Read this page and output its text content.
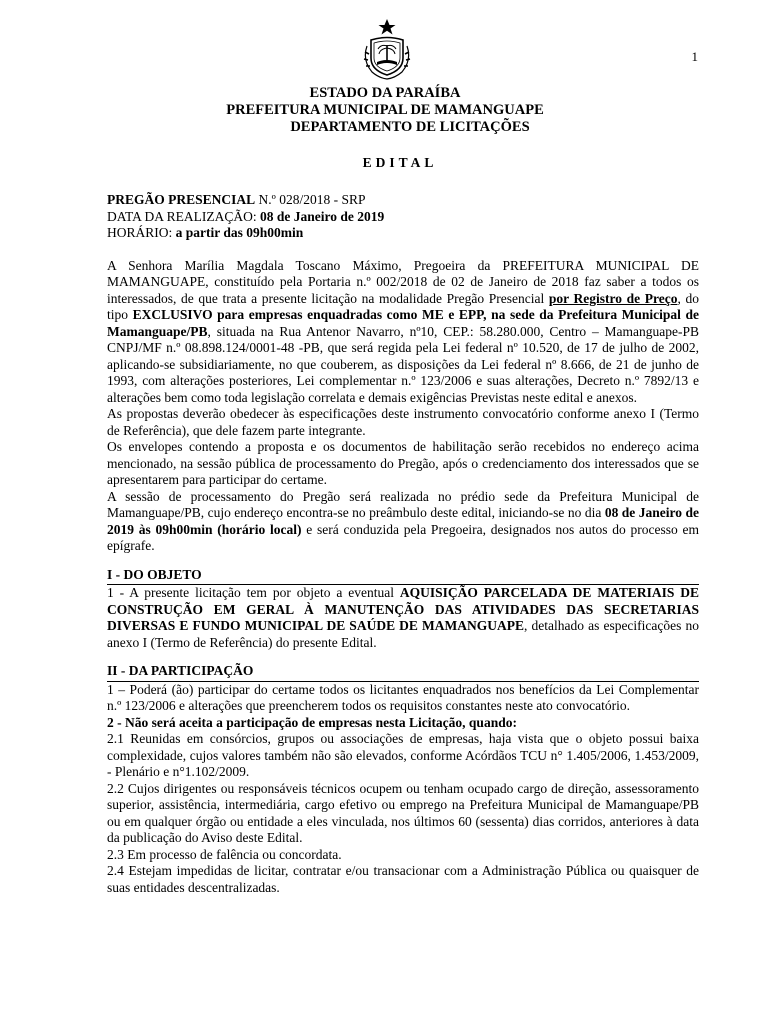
1
ESTADO DA PARAÍBA
PREFEITURA MUNICIPAL DE MAMANGUAPE
DEPARTAMENTO DE LICITAÇÕES
EDITAL

PREGÃO PRESENCIAL N.º 028/2018 - SRP

DATA DA REALIZAÇÃO: 08 de Janeiro de 2019

HORÁRIO: a partir das 09h00min

A Senhora Marília Magdala Toscano Máximo, Pregoeira da PREFEITURA MUNICIPAL DE MAMANGUAPE, constituído pela Portaria n.º 002/2018 de 02 de Janeiro de 2018 faz saber a todos os interessados, de que trata a presente licitação na modalidade Pregão Presencial por Registro de Preço, do tipo EXCLUSIVO para empresas enquadradas como ME e EPP, na sede da Prefeitura Municipal de Mamanguape/PB, situada na Rua Antenor Navarro, nº10, CEP.: 58.280.000, Centro – Mamanguape-PB CNPJ/MF n.º 08.898.124/0001-48 -PB, que será regida pela Lei federal nº 10.520, de 17 de julho de 2002, aplicando-se subsidiariamente, no que couberem, as disposições da Lei federal nº 8.666, de 21 de junho de 1993, com alterações posteriores, Lei complementar n.º 123/2006 e suas alterações, Decreto n.º 7892/13 e alterações bem como toda legislação correlata e demais exigências Previstas neste edital e anexos.

As propostas deverão obedecer às especificações deste instrumento convocatório conforme anexo I (Termo de Referência), que dele fazem parte integrante.

Os envelopes contendo a proposta e os documentos de habilitação serão recebidos no endereço acima mencionado, na sessão pública de processamento do Pregão, após o credenciamento dos interessados que se apresentarem para participar do certame.

A sessão de processamento do Pregão será realizada no prédio sede da Prefeitura Municipal de Mamanguape/PB, cujo endereço encontra-se no preâmbulo deste edital, iniciando-se no dia 08 de Janeiro de 2019 às 09h00min (horário local) e será conduzida pela Pregoeira, designados nos autos do processo em epígrafe.

I - DO OBJETO

1 - A presente licitação tem por objeto a eventual AQUISIÇÃO PARCELADA DE MATERIAIS DE CONSTRUÇÃO EM GERAL À MANUTENÇÃO DAS ATIVIDADES DAS SECRETARIAS DIVERSAS E FUNDO MUNICIPAL DE SAÚDE DE MAMANGUAPE, detalhado as especificações no anexo I (Termo de Referência) do presente Edital.

II - DA PARTICIPAÇÃO

1 – Poderá (ão) participar do certame todos os licitantes enquadrados nos benefícios da Lei Complementar n.º 123/2006 e alterações que preencherem todos os requisitos constantes neste ato convocatório.

2 - Não será aceita a participação de empresas nesta Licitação, quando:

2.1 Reunidas em consórcios, grupos ou associações de empresas, haja vista que o objeto possui baixa complexidade, cujos valores também não são elevados, conforme Acórdãos TCU n° 1.405/2006, 1.453/2009, - Plenário e n°1.102/2009.

2.2 Cujos dirigentes ou responsáveis técnicos ocupem ou tenham ocupado cargo de direção, assessoramento superior, assistência, intermediária, cargo efetivo ou emprego na Prefeitura Municipal de Mamanguape/PB ou em qualquer órgão ou entidade a eles vinculada, nos últimos 60 (sessenta) dias corridos, anteriores à data da publicação do Aviso deste Edital.

2.3 Em processo de falência ou concordata.

2.4 Estejam impedidas de licitar, contratar e/ou transacionar com a Administração Pública ou quaisquer de suas entidades descentralizadas.
